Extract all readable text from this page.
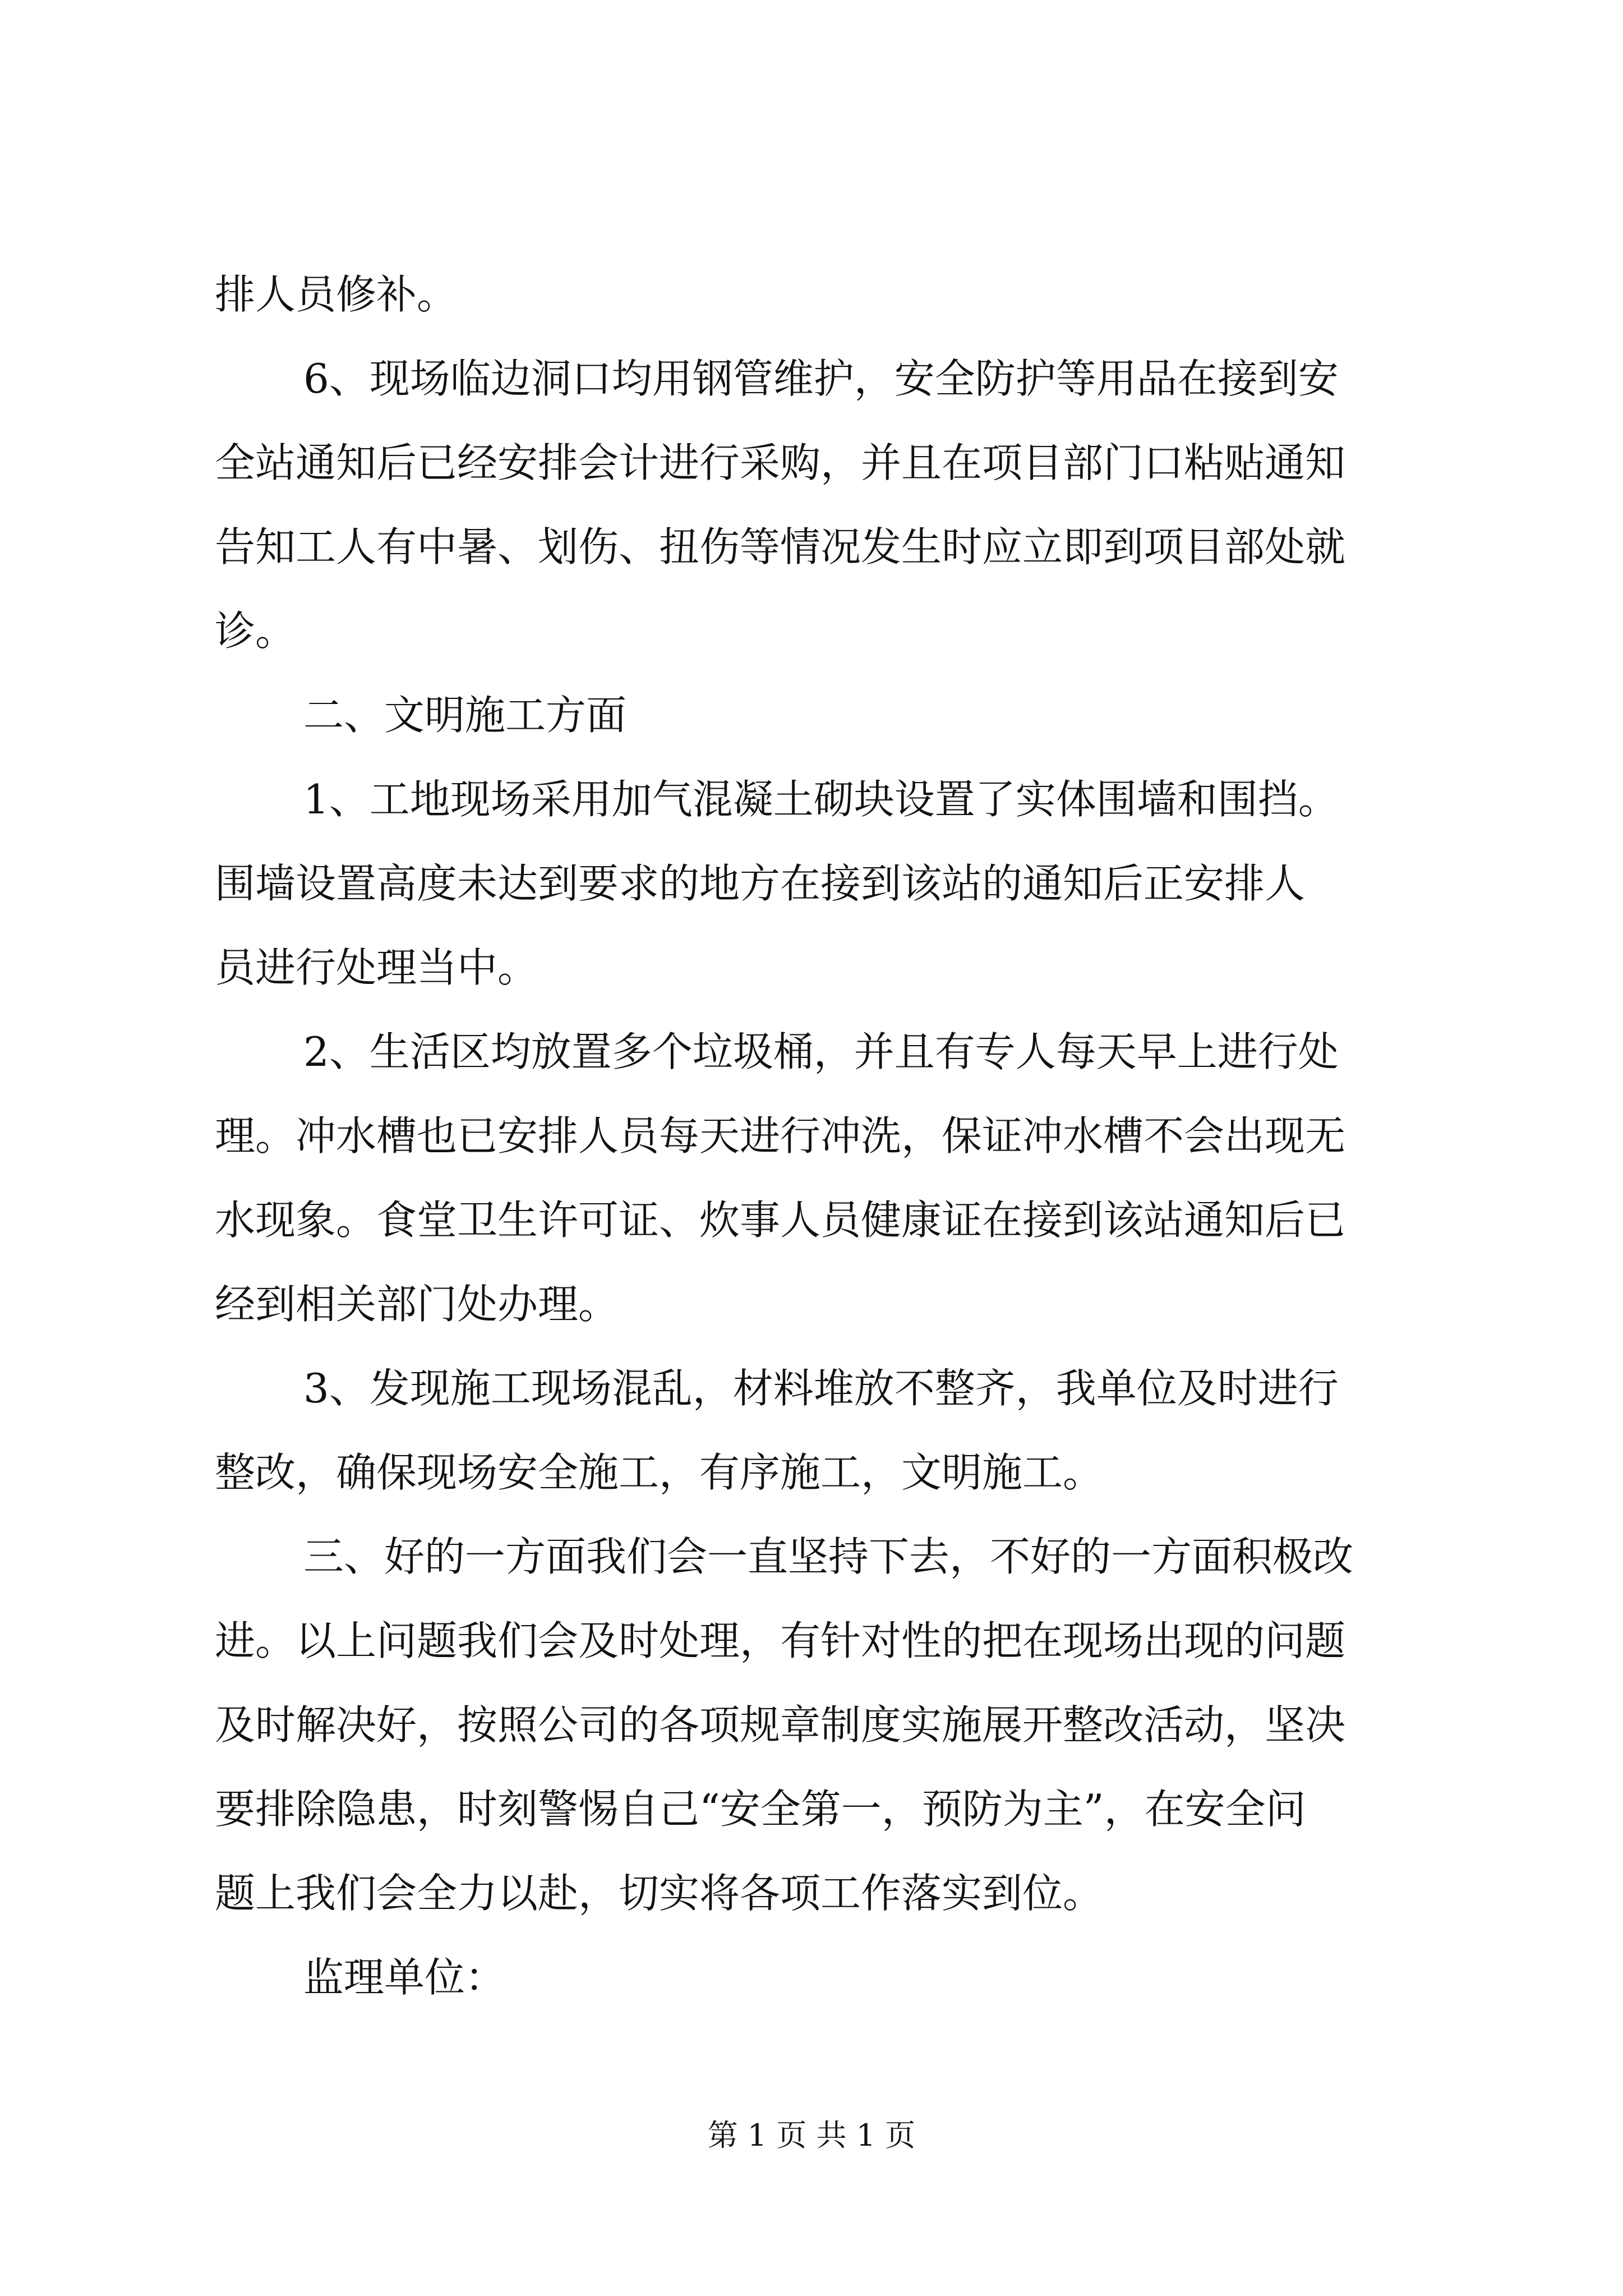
排人员修补。
6、现场临边洞口均用钢管维护，安全防护等用品在接到安
全站通知后已经安排会计进行采购，并且在项目部门口粘贴通知
告知工人有中暑、划伤、扭伤等情况发生时应立即到项目部处就
诊。
二、文明施工方面
1、工地现场采用加气混凝土砌块设置了实体围墙和围挡。
围墙设置高度未达到要求的地方在接到该站的通知后正安排人
员进行处理当中。
2、生活区均放置多个垃圾桶，并且有专人每天早上进行处
理。冲水槽也已安排人员每天进行冲洗，保证冲水槽不会出现无
水现象。食堂卫生许可证、炊事人员健康证在接到该站通知后已
经到相关部门处办理。
3、发现施工现场混乱，材料堆放不整齐，我单位及时进行
整改，确保现场安全施工，有序施工，文明施工。
三、好的一方面我们会一直坚持下去，不好的一方面积极改
进。以上问题我们会及时处理，有针对性的把在现场出现的问题
及时解决好，按照公司的各项规章制度实施展开整改活动，坚决
要排除隐患，时刻警惕自己“安全第一，预防为主”，在安全问
题上我们会全力以赴，切实将各项工作落实到位。
监理单位：
第 1 页 共 1 页
